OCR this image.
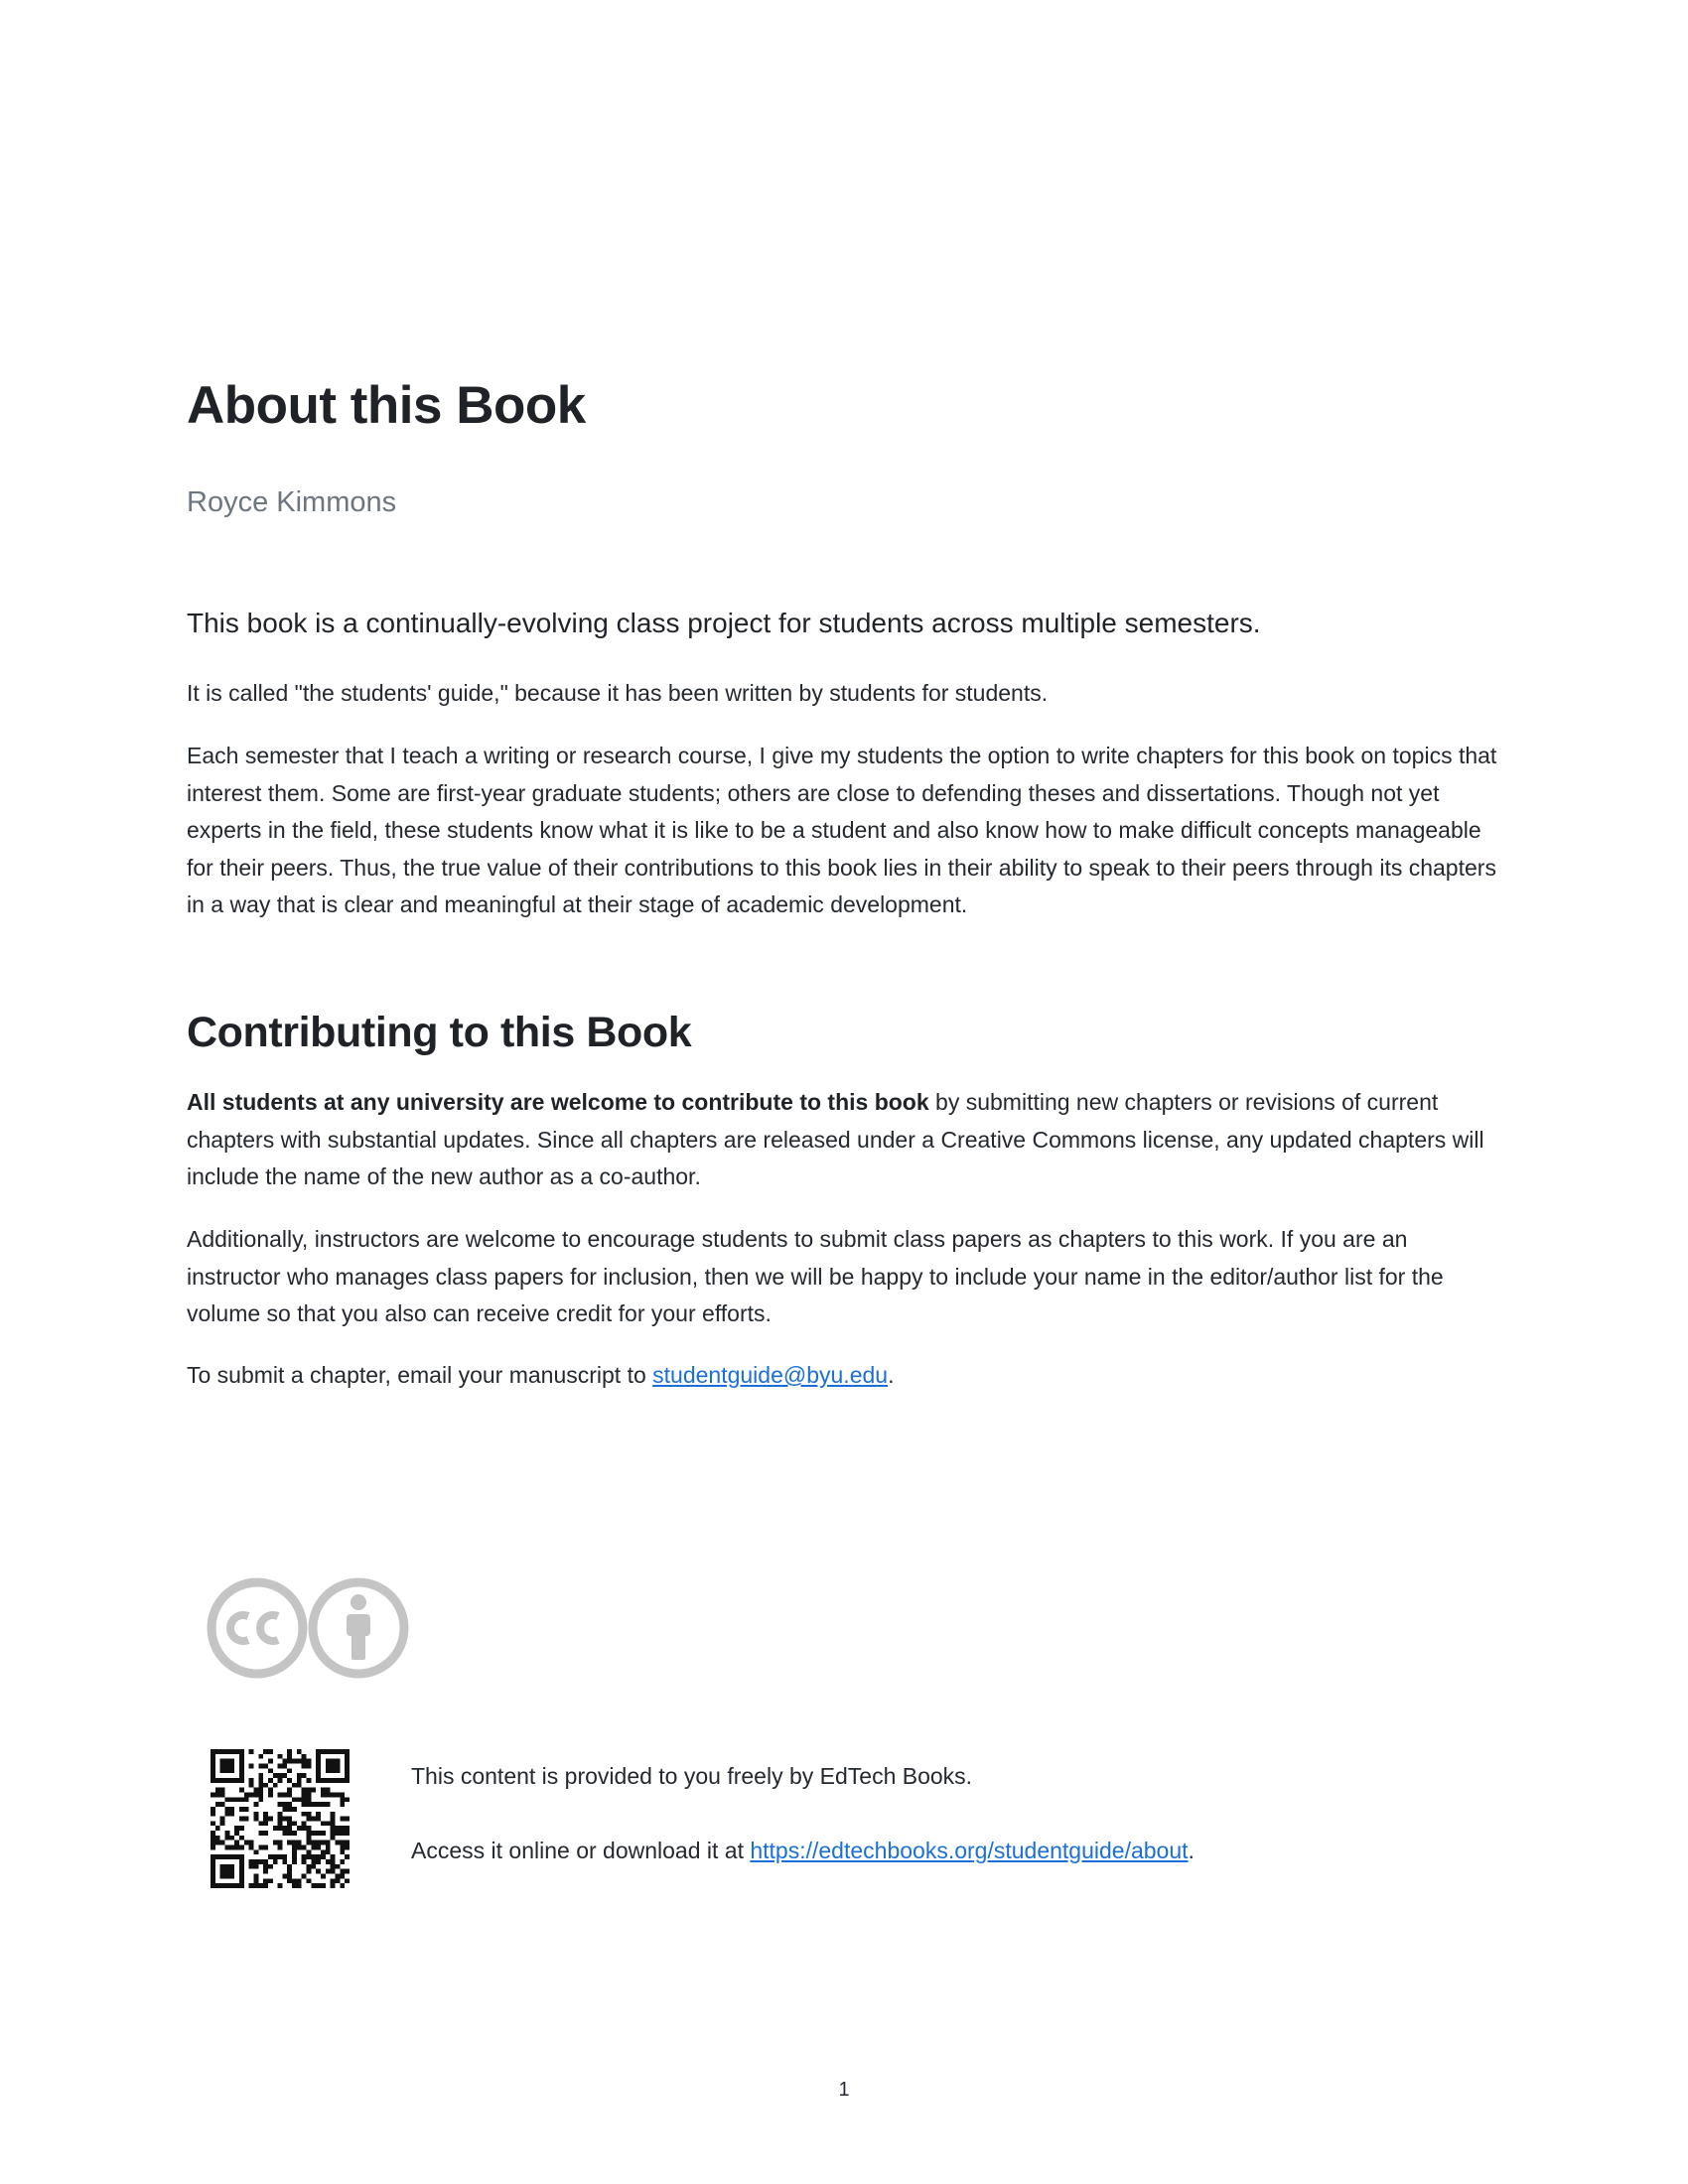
About this Book
Royce Kimmons

This book is a continually-evolving class project for students across multiple semesters.

It is called "the students' guide," because it has been written by students for students.

Each semester that I teach a writing or research course, I give my students the option to write chapters for this book on topics that interest them. Some are first-year graduate students; others are close to defending theses and dissertations. Though not yet experts in the field, these students know what it is like to be a student and also know how to make difficult concepts manageable for their peers. Thus, the true value of their contributions to this book lies in their ability to speak to their peers through its chapters in a way that is clear and meaningful at their stage of academic development.

Contributing to this Book

All students at any university are welcome to contribute to this book by submitting new chapters or revisions of current chapters with substantial updates. Since all chapters are released under a Creative Commons license, any updated chapters will include the name of the new author as a co-author.

Additionally, instructors are welcome to encourage students to submit class papers as chapters to this work. If you are an instructor who manages class papers for inclusion, then we will be happy to include your name in the editor/author list for the volume so that you also can receive credit for your efforts.

To submit a chapter, email your manuscript to studentguide@byu.edu.

This content is provided to you freely by EdTech Books.
Access it online or download it at https://edtechbooks.org/studentguide/about.
1
